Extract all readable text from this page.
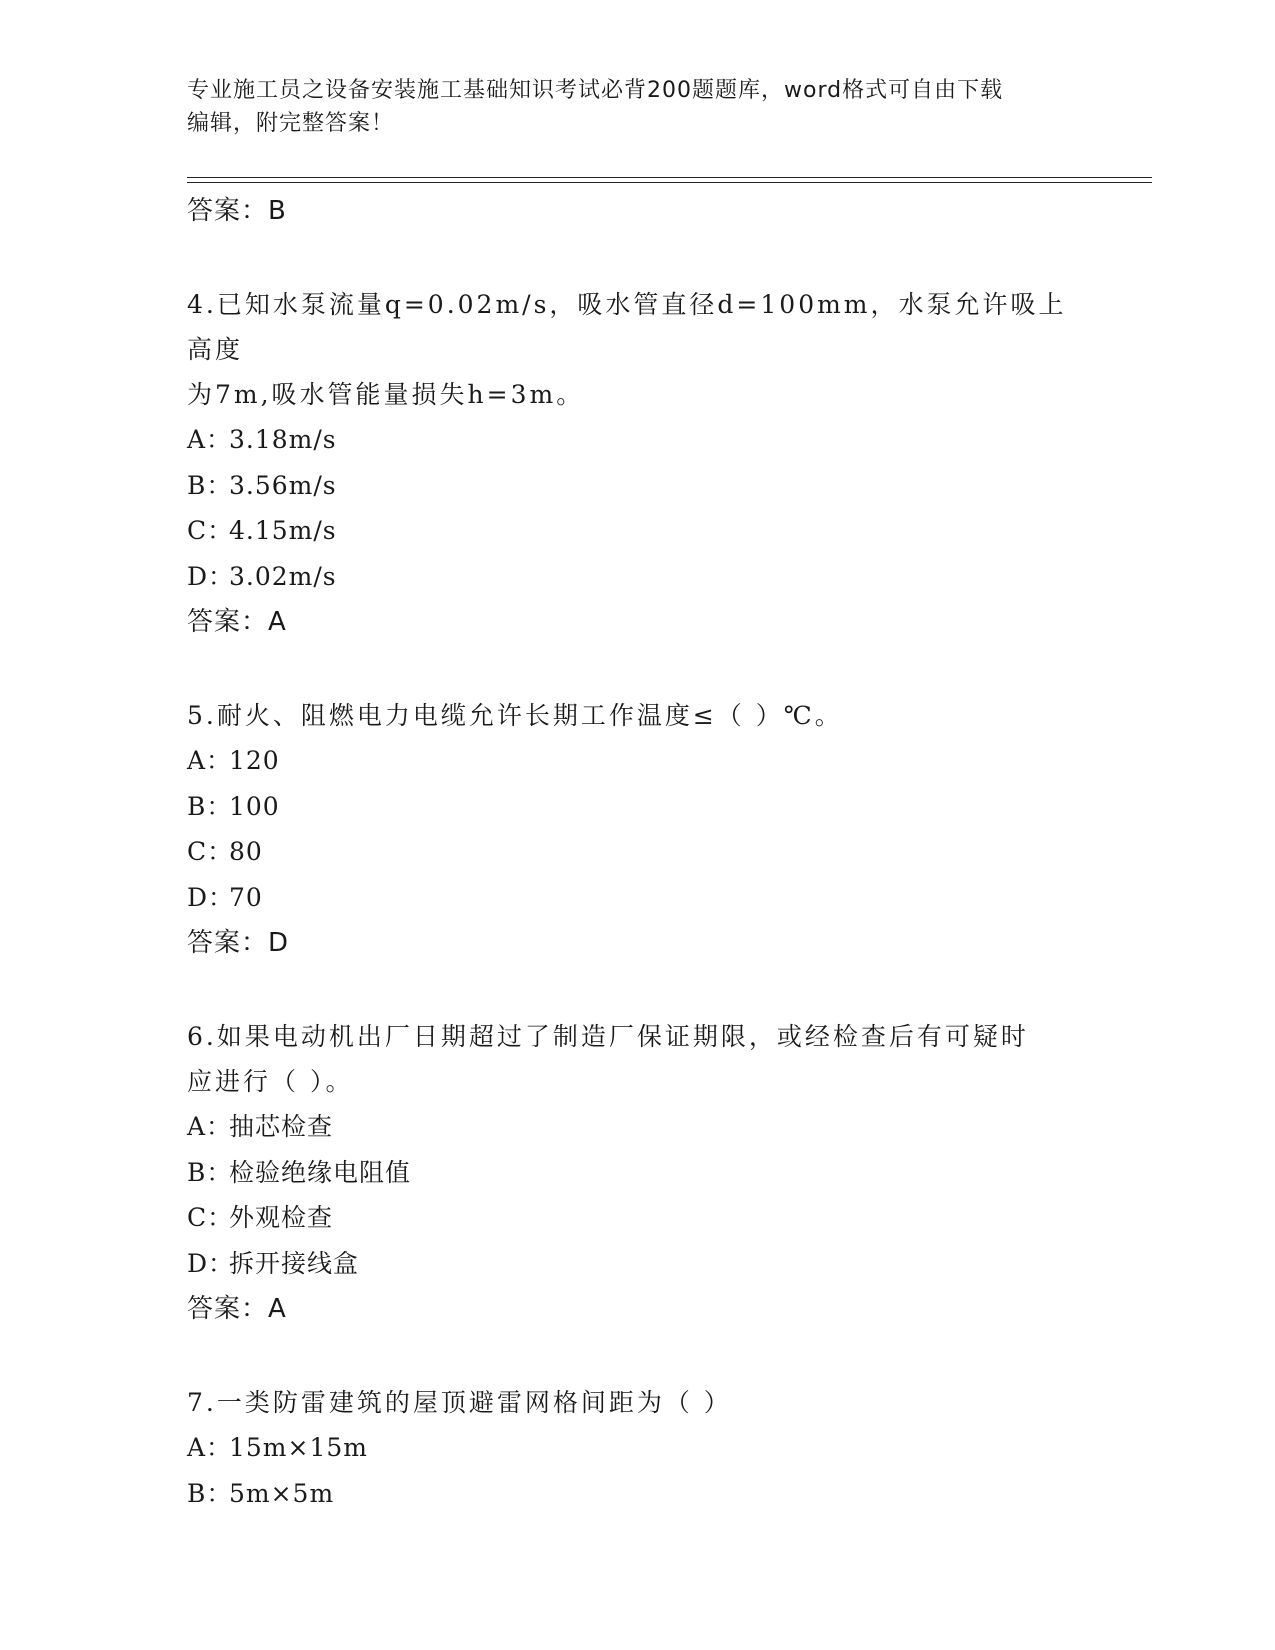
专业施工员之设备安装施工基础知识考试必背200题题库，word格式可自由下载
编辑，附完整答案！
答案：B
4.已知水泵流量q=0.02m/s，吸水管直径d=100mm，水泵允许吸上高度
为7m,吸水管能量损失h=3m。
A：3.18m/s
B：3.56m/s
C：4.15m/s
D：3.02m/s
答案：A
5.耐火、阻燃电力电缆允许长期工作温度≤（ ）℃。
A：120
B：100
C：80
D：70
答案：D
6.如果电动机出厂日期超过了制造厂保证期限，或经检查后有可疑时
应进行（ ）。
A：抽芯检查
B：检验绝缘电阻值
C：外观检查
D：拆开接线盒
答案：A
7.一类防雷建筑的屋顶避雷网格间距为（ ）
A：15m×15m
B：5m×5m
